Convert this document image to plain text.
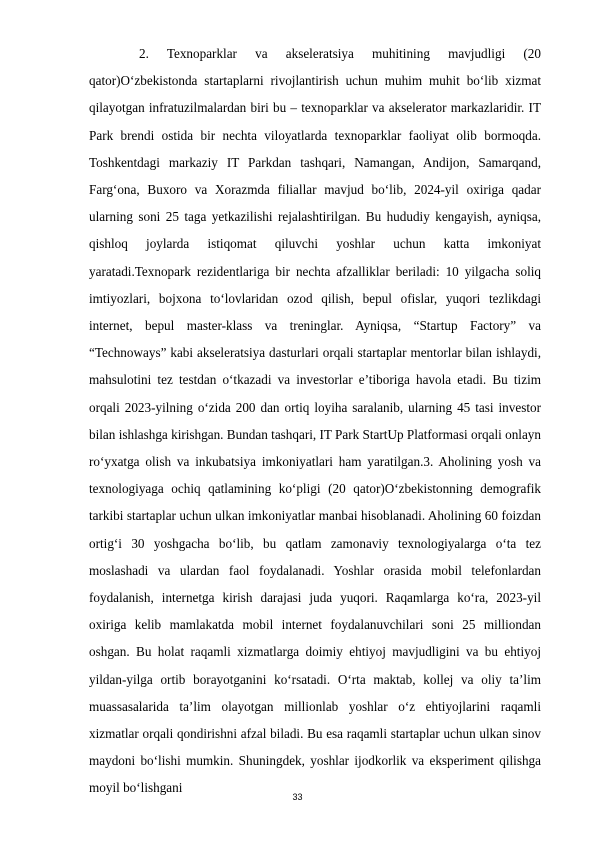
2. Texnoparklar va akseleratsiya muhitining mavjudligi (20 qator)O‘zbekistonda startaplarni rivojlantirish uchun muhim muhit bo‘lib xizmat qilayotgan infratuzilmalardan biri bu – texnoparklar va akselerator markazlaridir. IT Park brendi ostida bir nechta viloyatlarda texnoparklar faoliyat olib bormoqda. Toshkentdagi markaziy IT Parkdan tashqari, Namangan, Andijon, Samarqand, Farg‘ona, Buxoro va Xorazmda filiallar mavjud bo‘lib, 2024-yil oxiriga qadar ularning soni 25 taga yetkazilishi rejalashtirilgan. Bu hududiy kengayish, ayniqsa, qishloq joylarda istiqomat qiluvchi yoshlar uchun katta imkoniyat yaratadi.Texnopark rezidentlariga bir nechta afzalliklar beriladi: 10 yilgacha soliq imtiyozlari, bojxona to‘lovlaridan ozod qilish, bepul ofislar, yuqori tezlikdagi internet, bepul master-klass va treninglar. Ayniqsa, “Startup Factory” va “Technoways” kabi akseleratsiya dasturlari orqali startaplar mentorlar bilan ishlaydi, mahsulotini tez testdan o‘tkazadi va investorlar e’tiboriga havola etadi. Bu tizim orqali 2023-yilning o‘zida 200 dan ortiq loyiha saralanib, ularning 45 tasi investor bilan ishlashga kirishgan. Bundan tashqari, IT Park StartUp Platformasi orqali onlayn ro‘yxatga olish va inkubatsiya imkoniyatlari ham yaratilgan.3. Aholining yosh va texnologiyaga ochiq qatlamining ko‘pligi (20 qator)O‘zbekistonning demografik tarkibi startaplar uchun ulkan imkoniyatlar manbai hisoblanadi. Aholining 60 foizdan ortig‘i 30 yoshgacha bo‘lib, bu qatlam zamonaviy texnologiyalarga o‘ta tez moslashadi va ulardan faol foydalanadi. Yoshlar orasida mobil telefonlardan foydalanish, internetga kirish darajasi juda yuqori. Raqamlarga ko‘ra, 2023-yil oxiriga kelib mamlakatda mobil internet foydalanuvchilari soni 25 milliondan oshgan. Bu holat raqamli xizmatlarga doimiy ehtiyoj mavjudligini va bu ehtiyoj yildan-yilga ortib borayotganini ko‘rsatadi. O‘rta maktab, kollej va oliy ta’lim muassasalarida ta’lim olayotgan millionlab yoshlar o‘z ehtiyojlarini raqamli xizmatlar orqali qondirishni afzal biladi. Bu esa raqamli startaplar uchun ulkan sinov maydoni bo‘lishi mumkin. Shuningdek, yoshlar ijodkorlik va eksperiment qilishga moyil bo‘lishgani

33
